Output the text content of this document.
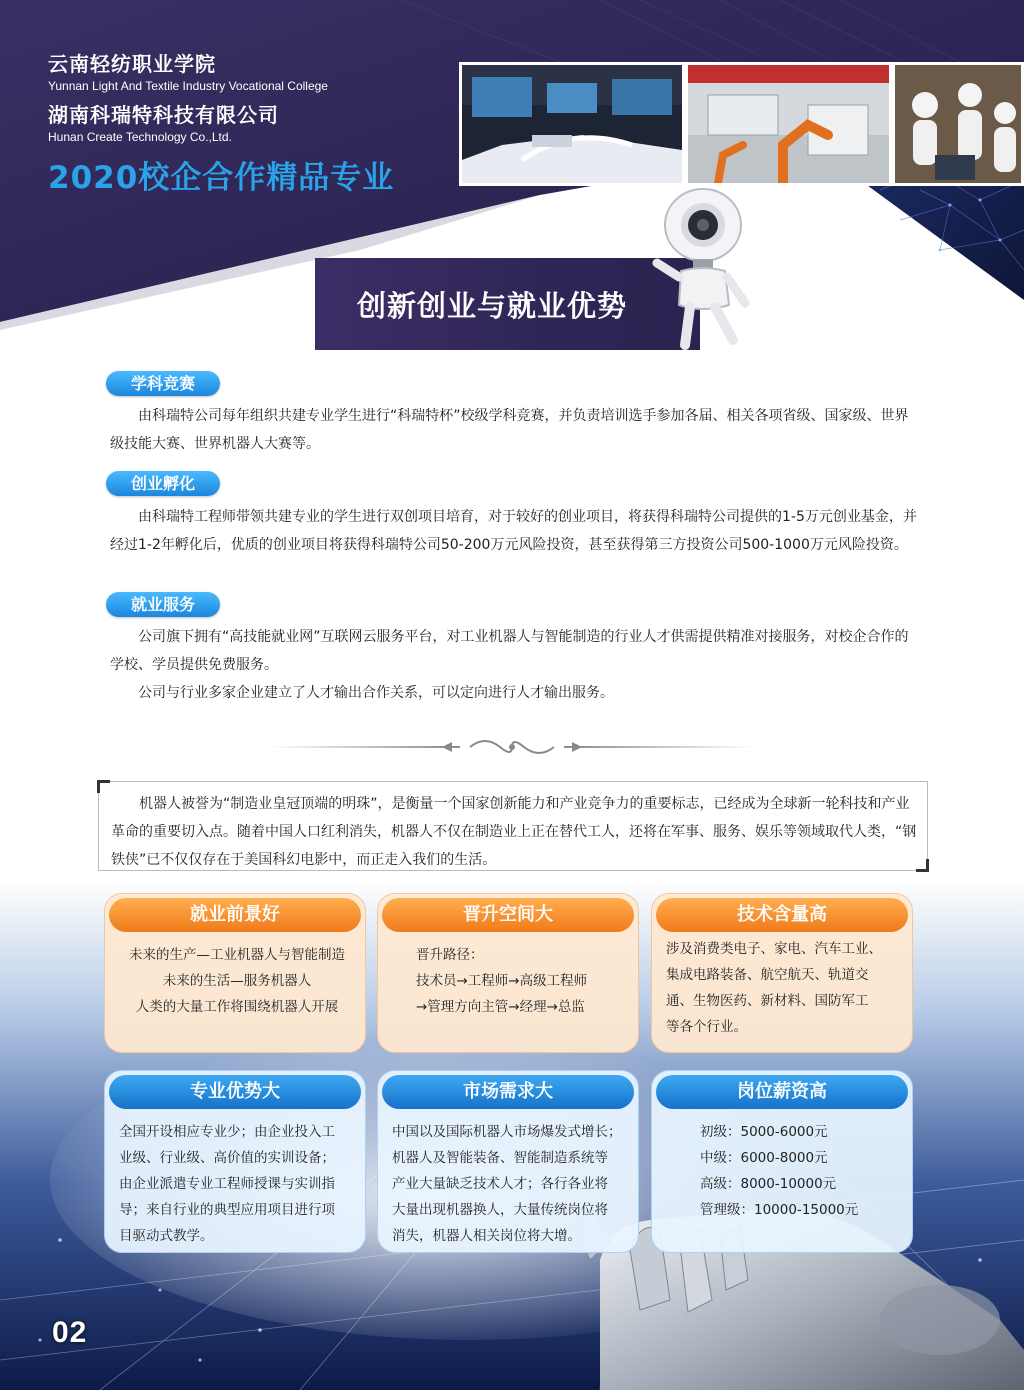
云南轻纺职业学院
Yunnan Light And Textile Industry Vocational College
湖南科瑞特科技有限公司
Hunan Create Technology Co.,Ltd.
2020校企合作精品专业
创新创业与就业优势
学科竞赛

由科瑞特公司每年组织共建专业学生进行“科瑞特杯”校级学科竞赛，并负责培训选手参加各届、相关各项省级、国家级、世界级技能大赛、世界机器人大赛等。

创业孵化

由科瑞特工程师带领共建专业的学生进行双创项目培育，对于较好的创业项目，将获得科瑞特公司提供的1-5万元创业基金，并经过1-2年孵化后，优质的创业项目将获得科瑞特公司50-200万元风险投资，甚至获得第三方投资公司500-1000万元风险投资。

就业服务

公司旗下拥有“高技能就业网”互联网云服务平台，对工业机器人与智能制造的行业人才供需提供精准对接服务，对校企合作的学校、学员提供免费服务。

公司与行业多家企业建立了人才输出合作关系，可以定向进行人才输出服务。

机器人被誉为“制造业皇冠顶端的明珠”，是衡量一个国家创新能力和产业竞争力的重要标志，已经成为全球新一轮科技和产业革命的重要切入点。随着中国人口红利消失，机器人不仅在制造业上正在替代工人，还将在军事、服务、娱乐等领域取代人类，“钢铁侠”已不仅仅存在于美国科幻电影中，而正走入我们的生活。

就业前景好
未来的生产—工业机器人与智能制造
未来的生活—服务机器人
人类的大量工作将围绕机器人开展
晋升空间大
晋升路径：
技术员→工程师→高级工程师
→管理方向主管→经理→总监
技术含量高
涉及消费类电子、家电、汽车工业、
集成电路装备、航空航天、轨道交
通、生物医药、新材料、国防军工
等各个行业。
专业优势大
全国开设相应专业少；由企业投入工
业级、行业级、高价值的实训设备；
由企业派遣专业工程师授课与实训指
导；来自行业的典型应用项目进行项
目驱动式教学。
市场需求大
中国以及国际机器人市场爆发式增长；
机器人及智能装备、智能制造系统等
产业大量缺乏技术人才；各行各业将
大量出现机器换人，大量传统岗位将
消失，机器人相关岗位将大增。
岗位薪资高
初级：5000-6000元
中级：6000-8000元
高级：8000-10000元
管理级：10000-15000元
02
